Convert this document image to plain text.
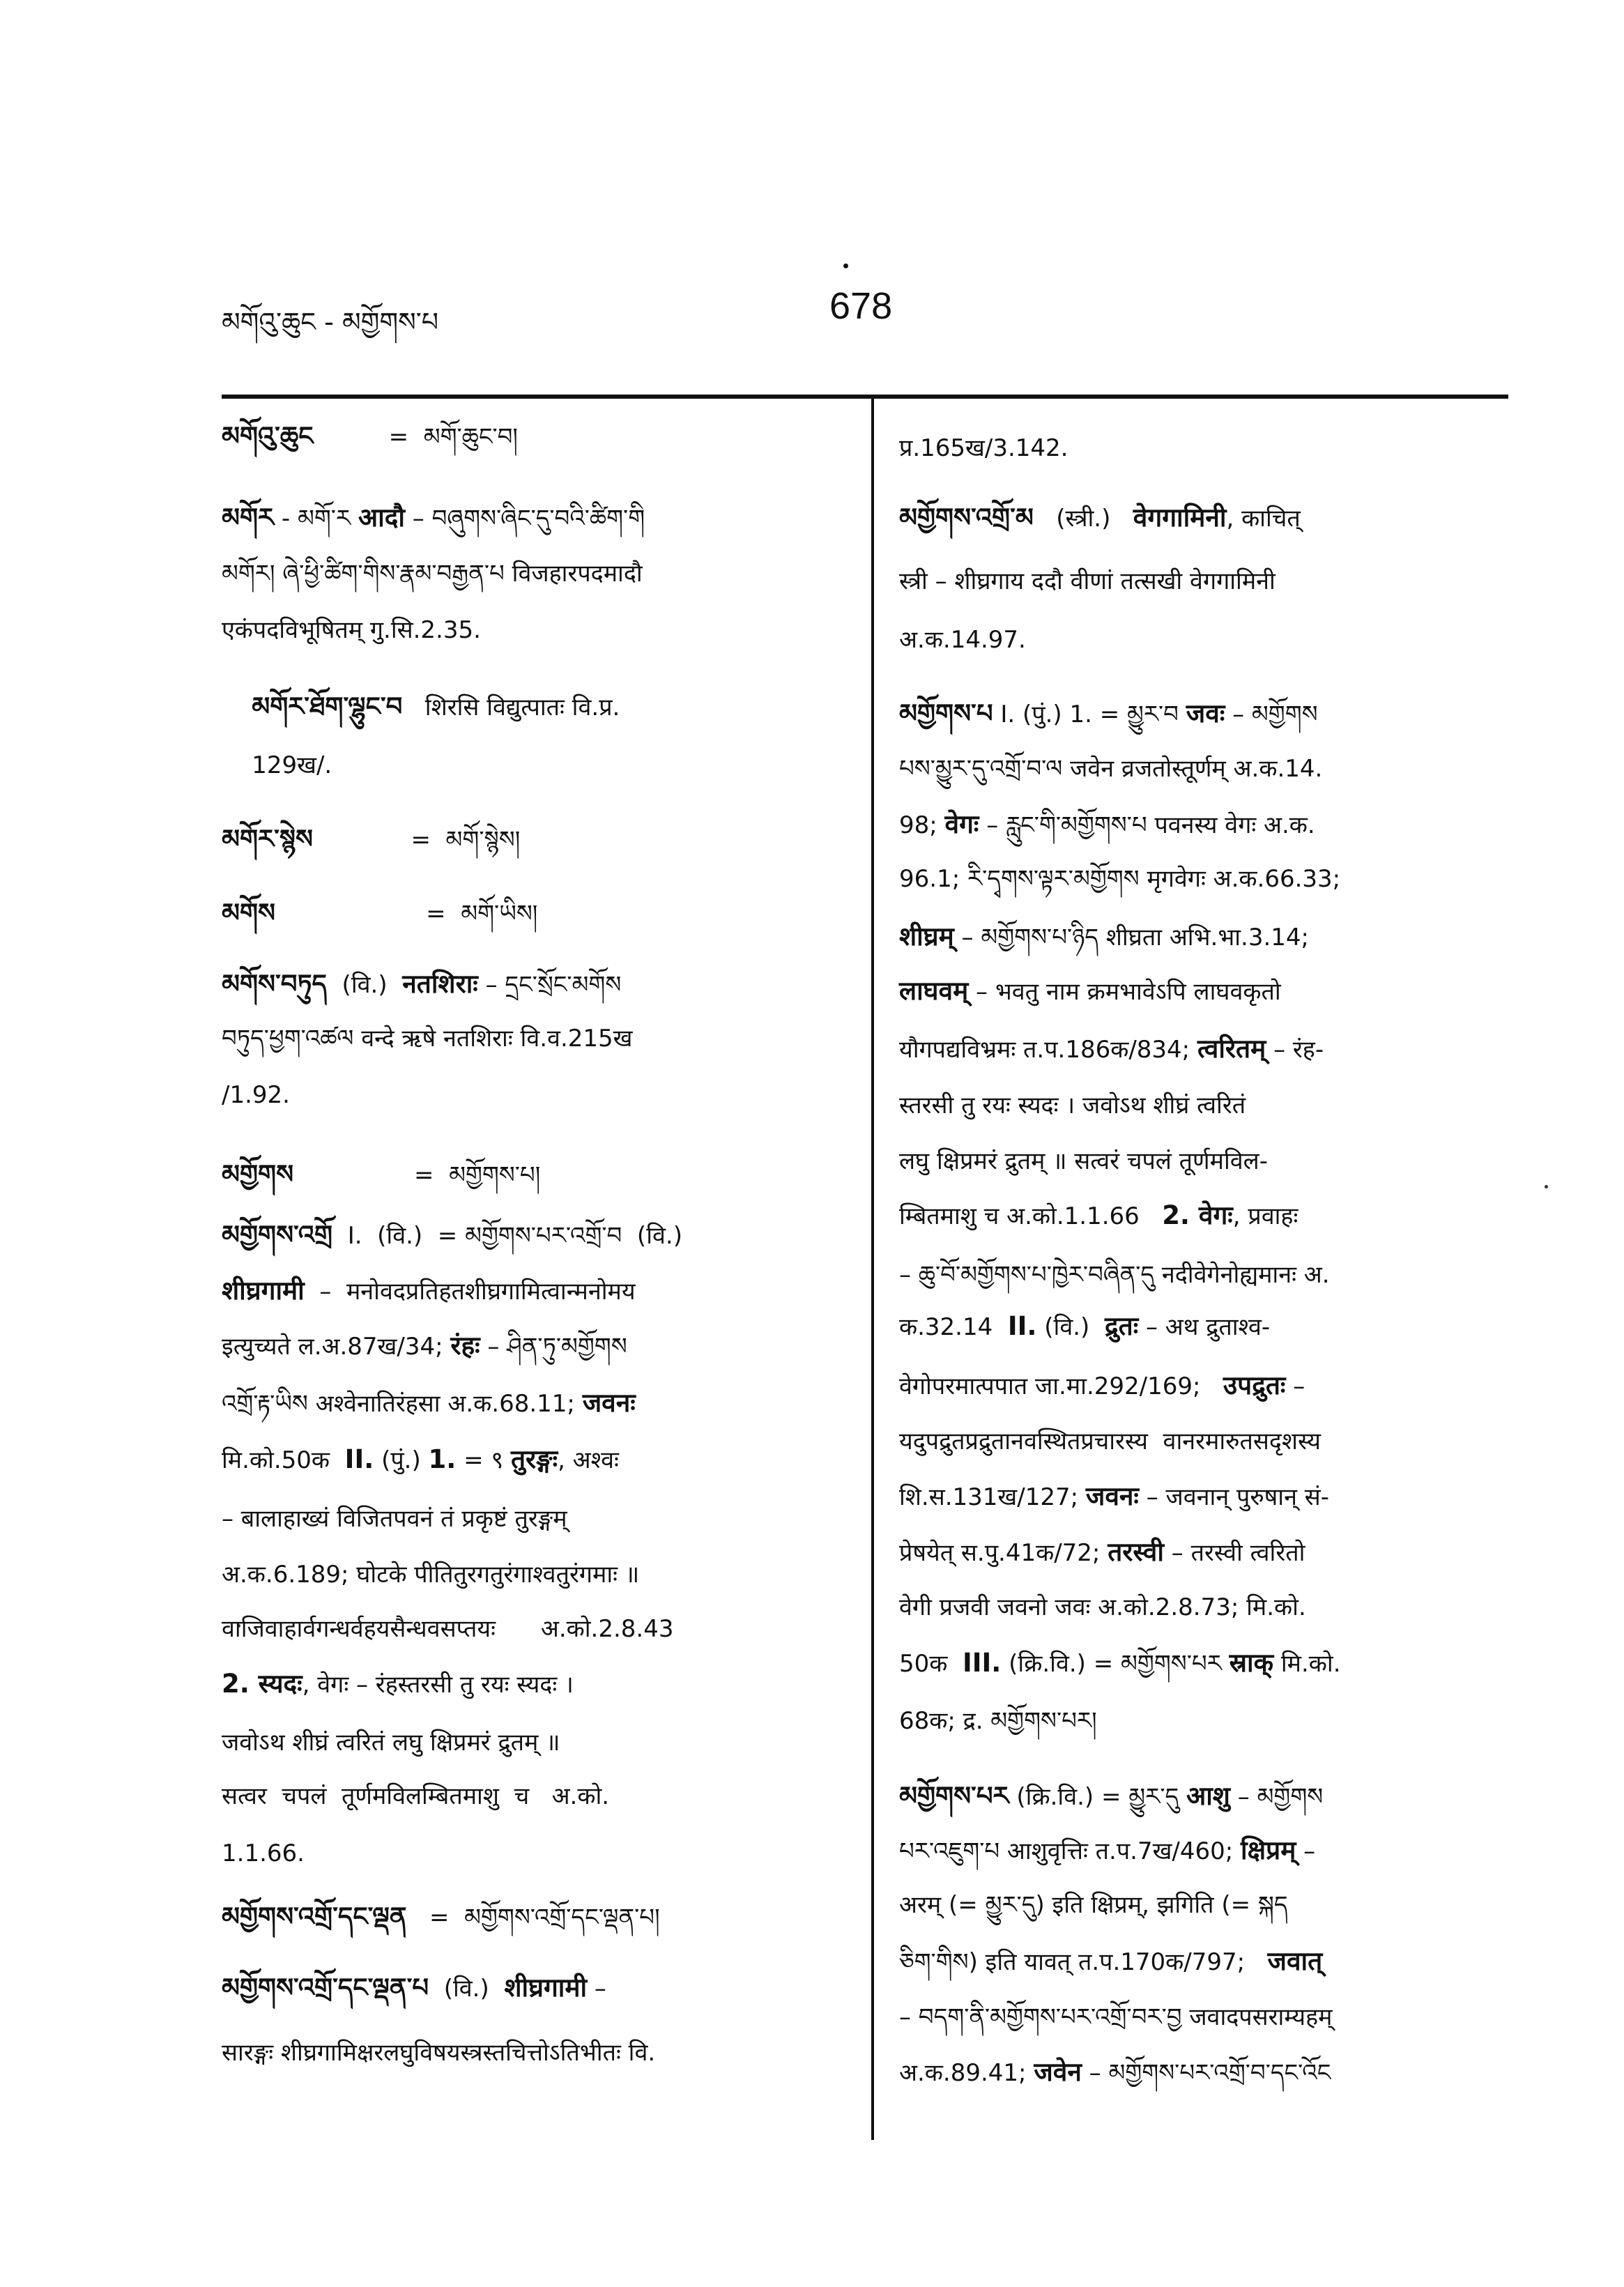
མགོའུ་ཆུང - མགྱོགས་པ	678
མགོའུ་ཆུང          =  མགོ་ཆུང་བ།
མགོར - མགོ་ར आदौ – བཞུགས་ཞིང་དུ་བའི་ཚིག་གི
མགོར། ཞེ་ཕྱི་ཚིག་གིས་རྣམ་བརྒྱན་པ विजहारपदमादौ
एकंपदविभूषितम् गु.सि.2.35.
མགོར་ཐོག་ལྷུང་བ   शिरसि विद्युत्पातः वि.प्र.
129ख/.
མགོར་སྙེས             =  མགོ་སྙེས།
མགོས                    =  མགོ་ཡིས།
མགོས་བཏུད  (वि.)  नतशिराः – དྲང་སྲོང་མགོས
བཏུད་ཕྱག་འཚལ वन्दे ऋषे नतशिराः वि.व.215ख
/1.92.
མགྱོགས                =  མགྱོགས་པ།
མགྱོགས་འགྲོ  I.  (वि.)  = མགྱོགས་པར་འགྲོ་བ  (वि.)
शीघ्रगामी  –  मनोवदप्रतिहतशीघ्रगामित्वान्मनोमय
इत्युच्यते ल.अ.87ख/34; रंहः – ཤིན་ཏུ་མགྱོགས
འགྲོ་རྟ་ཡིས अश्वेनातिरंहसा अ.क.68.11; जवनः
मि.को.50क  II. (पुं.) 1. = ९ तुरङ्गः, अश्वः
– बालाहाख्यं विजितपवनं तं प्रकृष्टं तुरङ्गम्
अ.क.6.189; घोटके पीतितुरगतुरंगाश्वतुरंगमाः ॥
वाजिवाहार्वगन्धर्वहयसैन्धवसप्तयः      अ.को.2.8.43
2. स्यदः, वेगः – रंहस्तरसी तु रयः स्यदः ।
जवोऽथ शीघ्रं त्वरितं लघु क्षिप्रमरं द्रुतम् ॥
सत्वर  चपलं  तूर्णमविलम्बितमाशु  च   अ.को.
1.1.66.
མགྱོགས་འགྲོ་དང་ལྡན   =  མགྱོགས་འགྲོ་དང་ལྡན་པ།
མགྱོགས་འགྲོ་དང་ལྡན་པ  (वि.)  शीघ्रगामी –
सारङ्गः शीघ्रगामिक्षरलघुविषयस्त्रस्तचित्तोऽतिभीतः वि.
प्र.165ख/3.142.
མགྱོགས་འགྲོ་མ   (स्त्री.)   वेगगामिनी, काचित्
स्त्री – शीघ्रगाय ददौ वीणां तत्सखी वेगगामिनी
अ.क.14.97.
མགྱོགས་པ I. (पुं.) 1. = མྱུར་བ जवः – མགྱོགས
པས་མྱུར་དུ་འགྲོ་བ་ལ जवेन व्रजतोस्तूर्णम् अ.क.14.
98; वेगः – རླུང་གི་མགྱོགས་པ पवनस्य वेगः अ.क.
96.1; རི་དྭགས་ལྟར་མགྱོགས मृगवेगः अ.क.66.33;
शीघ्रम् – མགྱོགས་པ་ཉིད शीघ्रता अभि.भा.3.14;
लाघवम् – भवतु नाम क्रमभावेऽपि लाघवकृतो
यौगपद्यविभ्रमः त.प.186क/834; त्वरितम् – रंह-
स्तरसी तु रयः स्यदः । जवोऽथ शीघ्रं त्वरितं
लघु क्षिप्रमरं द्रुतम् ॥ सत्वरं चपलं तूर्णमविल-
म्बितमाशु च अ.को.1.1.66   2. वेगः, प्रवाहः
– ཆུ་བོ་མགྱོགས་པ་ཁྱེར་བཞིན་དུ नदीवेगेनोह्यमानः अ.
क.32.14  II. (वि.)  द्रुतः – अथ द्रुताश्व-
वेगोपरमात्पपात जा.मा.292/169;   उपद्रुतः –
यदुपद्रुतप्रद्रुतानवस्थितप्रचारस्य  वानरमारुतसदृशस्य
शि.स.131ख/127; जवनः – जवनान् पुरुषान् सं-
प्रेषयेत् स.पु.41क/72; तरस्वी – तरस्वी त्वरितो
वेगी प्रजवी जवनो जवः अ.को.2.8.73; मि.को.
50क  III. (क्रि.वि.) = མགྱོགས་པར स्राक् मि.को.
68क; द्र. མགྱོགས་པར།
མགྱོགས་པར (क्रि.वि.) = མྱུར་དུ आशु – མགྱོགས
པར་འཇུག་པ आशुवृत्तिः त.प.7ख/460; क्षिप्रम् –
अरम् (= མྱུར་དུ) इति क्षिप्रम्, झगिति (= སྐད
ཅིག་གིས) इति यावत् त.प.170क/797;   जवात्
– བདག་ནི་མགྱོགས་པར་འགྲོ་བར་བྱ जवादपसराम्यहम्
अ.क.89.41; जवेन – མགྱོགས་པར་འགྲོ་བ་དང་འོང
